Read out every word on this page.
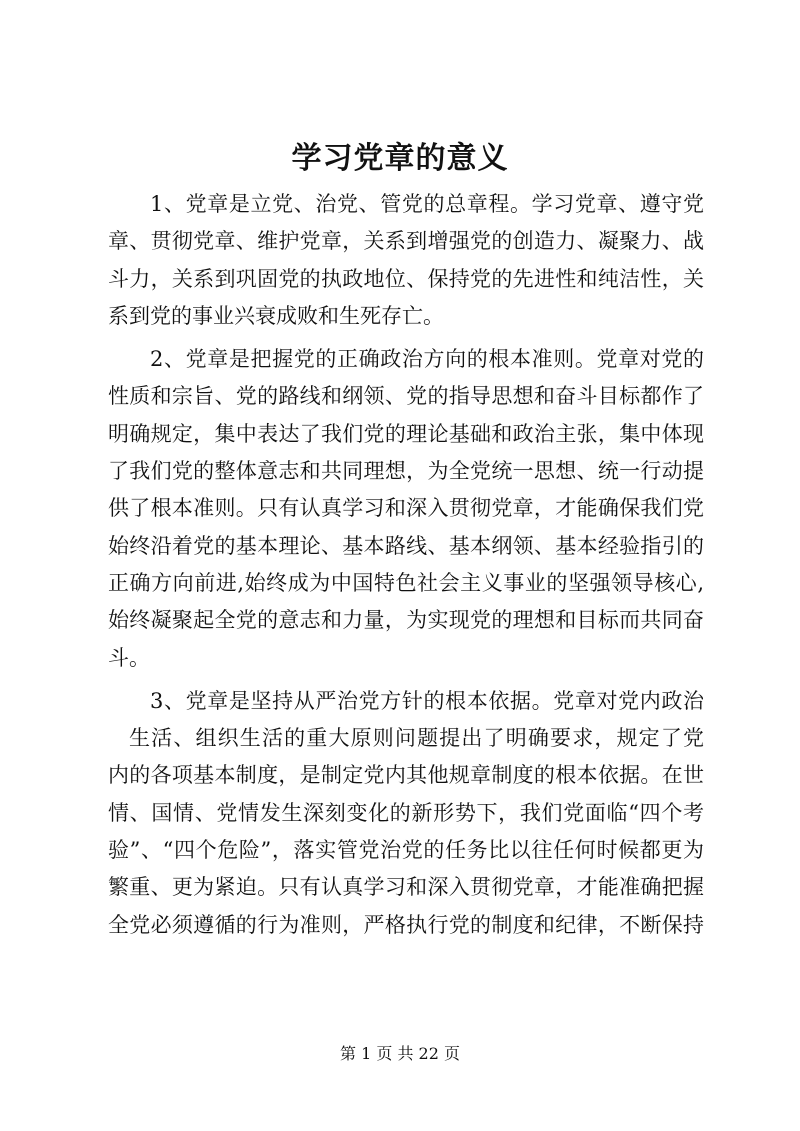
学习党章的意义
1、党章是立党、治党、管党的总章程。学习党章、遵守党
章、贯彻党章、维护党章，关系到增强党的创造力、凝聚力、战
斗力，关系到巩固党的执政地位、保持党的先进性和纯洁性，关
系到党的事业兴衰成败和生死存亡。
2、党章是把握党的正确政治方向的根本准则。党章对党的
性质和宗旨、党的路线和纲领、党的指导思想和奋斗目标都作了
明确规定，集中表达了我们党的理论基础和政治主张，集中体现
了我们党的整体意志和共同理想，为全党统一思想、统一行动提
供了根本准则。只有认真学习和深入贯彻党章，才能确保我们党
始终沿着党的基本理论、基本路线、基本纲领、基本经验指引的
正确方向前进,始终成为中国特色社会主义事业的坚强领导核心,
始终凝聚起全党的意志和力量，为实现党的理想和目标而共同奋
斗。
3、党章是坚持从严治党方针的根本依据。党章对党内政治
生活、组织生活的重大原则问题提出了明确要求，规定了党
内的各项基本制度，是制定党内其他规章制度的根本依据。在世
情、国情、党情发生深刻变化的新形势下，我们党面临“四个考
验”、“四个危险”，落实管党治党的任务比以往任何时候都更为
繁重、更为紧迫。只有认真学习和深入贯彻党章，才能准确把握
全党必须遵循的行为准则，严格执行党的制度和纪律，不断保持
第 1 页 共 22 页
